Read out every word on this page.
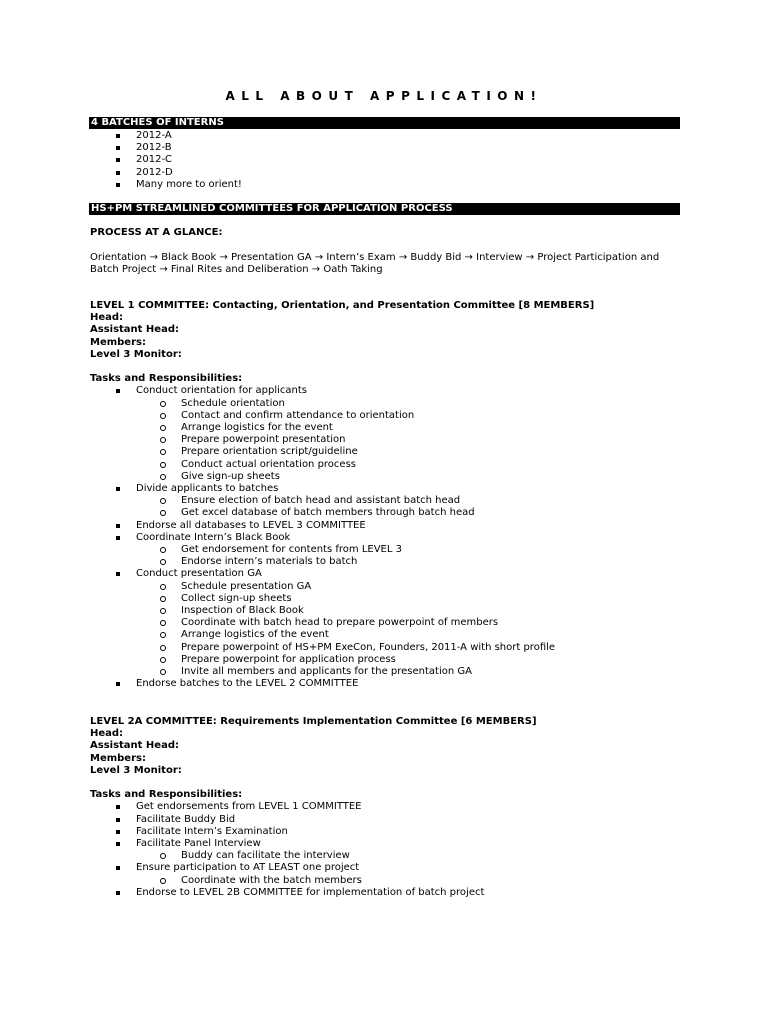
ALL ABOUT APPLICATION!
4 BATCHES OF INTERNS
2012-A
2012-B
2012-C
2012-D
Many more to orient!
HS+PM STREAMLINED COMMITTEES FOR APPLICATION PROCESS
PROCESS AT A GLANCE:
Orientation → Black Book → Presentation GA → Intern’s Exam → Buddy Bid → Interview → Project Participation and
Batch Project → Final Rites and Deliberation → Oath Taking
LEVEL 1 COMMITTEE: Contacting, Orientation, and Presentation Committee [8 MEMBERS]
Head:
Assistant Head:
Members:
Level 3 Monitor:
Tasks and Responsibilities:
Conduct orientation for applicants
Schedule orientation
Contact and confirm attendance to orientation
Arrange logistics for the event
Prepare powerpoint presentation
Prepare orientation script/guideline
Conduct actual orientation process
Give sign-up sheets
Divide applicants to batches
Ensure election of batch head and assistant batch head
Get excel database of batch members through batch head
Endorse all databases to LEVEL 3 COMMITTEE
Coordinate Intern’s Black Book
Get endorsement for contents from LEVEL 3
Endorse intern’s materials to batch
Conduct presentation GA
Schedule presentation GA
Collect sign-up sheets
Inspection of Black Book
Coordinate with batch head to prepare powerpoint of members
Arrange logistics of the event
Prepare powerpoint of HS+PM ExeCon, Founders, 2011-A with short profile
Prepare powerpoint for application process
Invite all members and applicants for the presentation GA
Endorse batches to the LEVEL 2 COMMITTEE
LEVEL 2A COMMITTEE: Requirements Implementation Committee [6 MEMBERS]
Head:
Assistant Head:
Members:
Level 3 Monitor:
Tasks and Responsibilities:
Get endorsements from LEVEL 1 COMMITTEE
Facilitate Buddy Bid
Facilitate Intern’s Examination
Facilitate Panel Interview
Buddy can facilitate the interview
Ensure participation to AT LEAST one project
Coordinate with the batch members
Endorse to LEVEL 2B COMMITTEE for implementation of batch project
